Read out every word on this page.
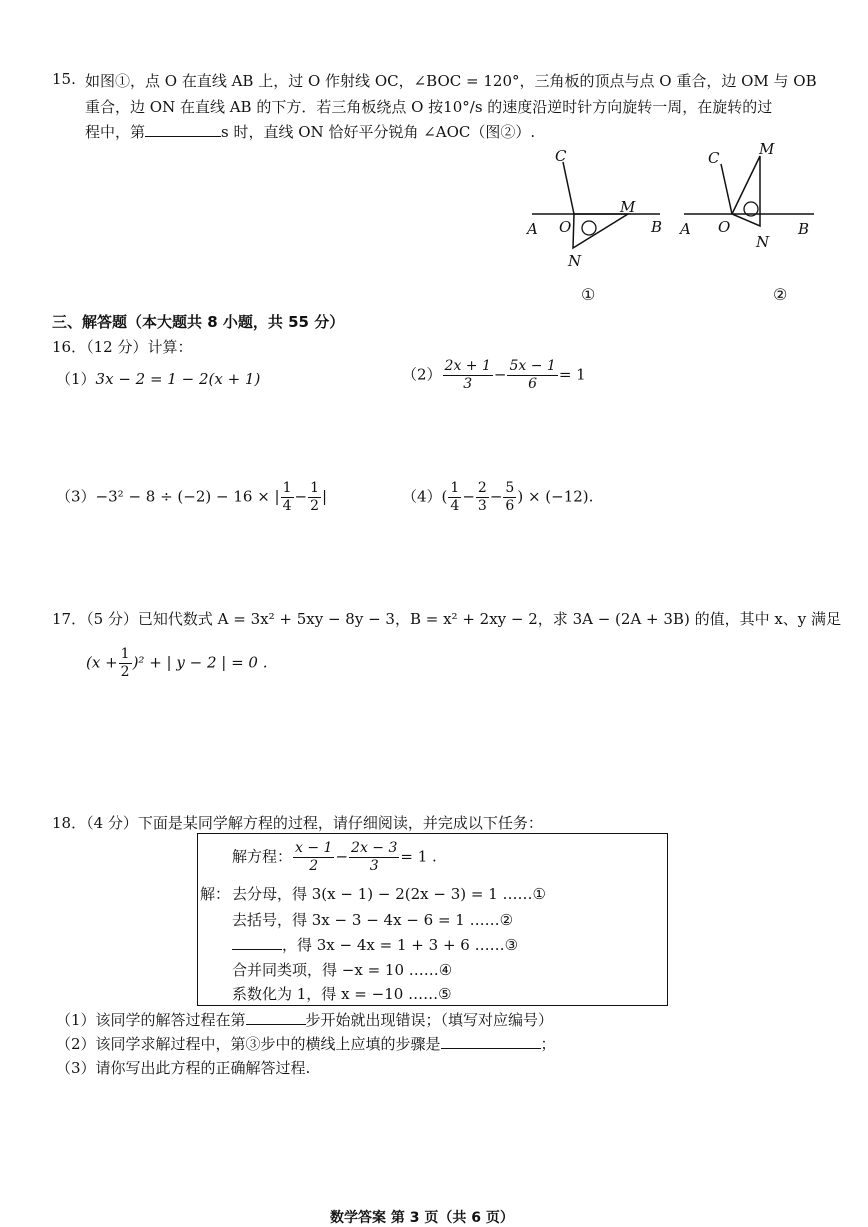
15. 如图①，点 O 在直线 AB 上，过 O 作射线 OC，∠BOC = 120°，三角板的顶点与点 O 重合，边 OM 与 OB
重合，边 ON 在直线 AB 的下方．若三角板绕点 O 按10°/s 的速度沿逆时针方向旋转一周，在旋转的过
程中，第	s 时，直线 ON 恰好平分锐角 ∠AOC（图②）.
C
M
A O	B
N
①
C	M
A O	B
N
②
三、解答题（本大题共 8 小题，共 55 分）
16．（12 分）计算：
（1）3x − 2 = 1 − 2(x + 1)	$(2) \frac{2x + 1}{3} - \frac{5x - 1}{6} = 1$
（3）−3² − 8 ÷ (−2) − 16 × | $\frac{1}{4} - \frac{1}{2}$ |	$(4)( \frac{1}{4} - \frac{2}{3} - \frac{5}{6}$ ) × (−12).
17．（5 分）已知代数式 A = 3x² + 5xy − 8y − 3，B = x² + 2xy − 2，求 3A − (2A + 3B) 的值，其中 x、y 满足
$(x + \frac{1}{2} )^2$ + | y − 2 | = 0 .
18．（4 分）下面是某同学解方程的过程，请仔细阅读，并完成以下任务：
解方程： $\frac{x - 1}{2} - \frac{2x - 3}{3} = 1$ .
解： 去分母，得 3(x − 1) − 2(2x − 3) = 1 ……①
去括号，得 3x − 3 − 4x − 6 = 1 ……②
，得 3x − 4x = 1 + 3 + 6 ……③
合并同类项，得 −x = 10 ……④
系数化为 1，得 x = −10 ……⑤
（1）该同学的解答过程在第	步开始就出现错误；（填写对应编号）
（2）该同学求解过程中，第③步中的横线上应填的步骤是	；
（3）请你写出此方程的正确解答过程.
数学答案 第 3 页（共 6 页）
